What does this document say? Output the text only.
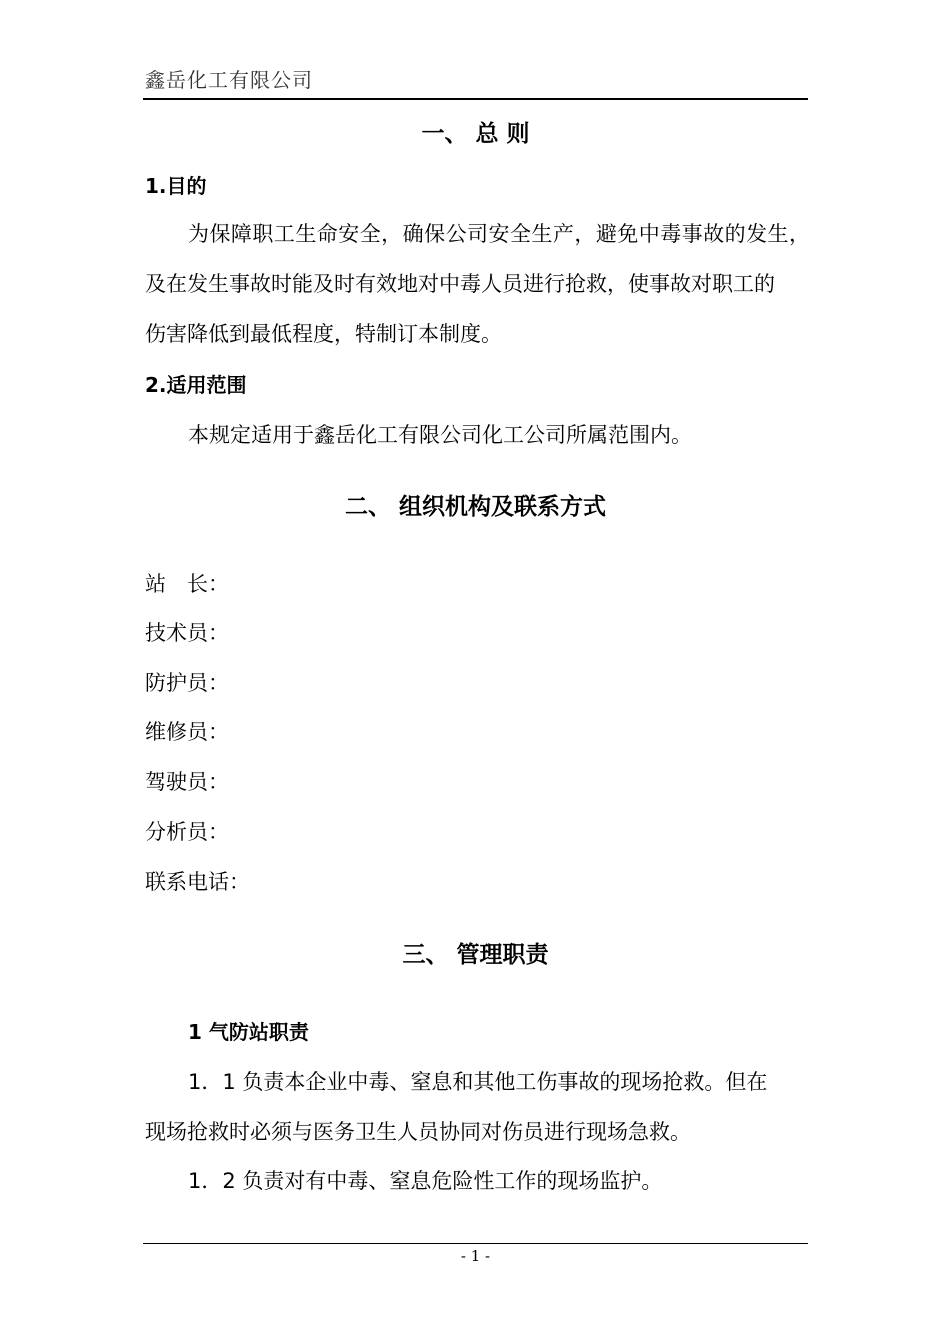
鑫岳化工有限公司
一、 总 则
1.目的
为保障职工生命安全，确保公司安全生产，避免中毒事故的发生，
及在发生事故时能及时有效地对中毒人员进行抢救，使事故对职工的
伤害降低到最低程度，特制订本制度。
2.适用范围
本规定适用于鑫岳化工有限公司化工公司所属范围内。
二、 组织机构及联系方式
站　长：
技术员：
防护员：
维修员：
驾驶员：
分析员：
联系电话：
三、 管理职责
1 气防站职责
1．1 负责本企业中毒、窒息和其他工伤事故的现场抢救。但在
现场抢救时必须与医务卫生人员协同对伤员进行现场急救。
1．2 负责对有中毒、窒息危险性工作的现场监护。
- 1 -
